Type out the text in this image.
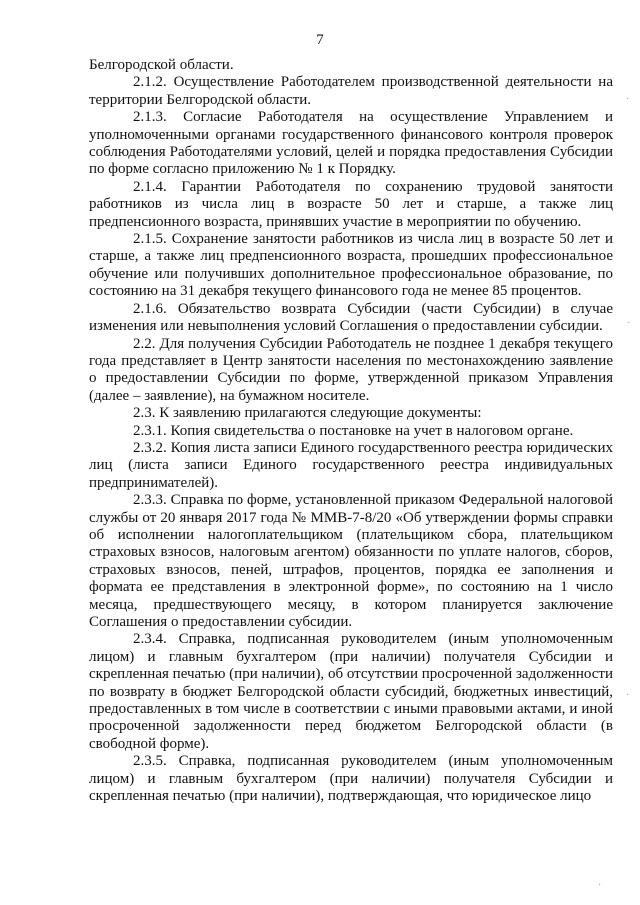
7

Белгородской области.

2.1.2. Осуществление Работодателем производственной деятельности на территории Белгородской области.

2.1.3. Согласие Работодателя на осуществление Управлением и уполномоченными органами государственного финансового контроля проверок соблюдения Работодателями условий, целей и порядка предоставления Субсидии по форме согласно приложению № 1 к Порядку.

2.1.4. Гарантии Работодателя по сохранению трудовой занятости работников из числа лиц в возрасте 50 лет и старше, а также лиц предпенсионного возраста, принявших участие в мероприятии по обучению.

2.1.5. Сохранение занятости работников из числа лиц в возрасте 50 лет и старше, а также лиц предпенсионного возраста, прошедших профессиональное обучение или получивших дополнительное профессиональное образование, по состоянию на 31 декабря текущего финансового года не менее 85 процентов.

2.1.6. Обязательство возврата Субсидии (части Субсидии) в случае изменения или невыполнения условий Соглашения о предоставлении субсидии.

2.2. Для получения Субсидии Работодатель не позднее 1 декабря текущего года представляет в Центр занятости населения по местонахождению заявление о предоставлении Субсидии по форме, утвержденной приказом Управления (далее – заявление), на бумажном носителе.

2.3. К заявлению прилагаются следующие документы:

2.3.1. Копия свидетельства о постановке на учет в налоговом органе.

2.3.2. Копия листа записи Единого государственного реестра юридических лиц (листа записи Единого государственного реестра индивидуальных предпринимателей).

2.3.3. Справка по форме, установленной приказом Федеральной налоговой службы от 20 января 2017 года № ММВ-7-8/20 «Об утверждении формы справки об исполнении налогоплательщиком (плательщиком сбора, плательщиком страховых взносов, налоговым агентом) обязанности по уплате налогов, сборов, страховых взносов, пеней, штрафов, процентов, порядка ее заполнения и формата ее представления в электронной форме», по состоянию на 1 число месяца, предшествующего месяцу, в котором планируется заключение Соглашения о предоставлении субсидии.

2.3.4. Справка, подписанная руководителем (иным уполномоченным лицом) и главным бухгалтером (при наличии) получателя Субсидии и скрепленная печатью (при наличии), об отсутствии просроченной задолженности по возврату в бюджет Белгородской области субсидий, бюджетных инвестиций, предоставленных в том числе в соответствии с иными правовыми актами, и иной просроченной задолженности перед бюджетом Белгородской области (в свободной форме).

2.3.5. Справка, подписанная руководителем (иным уполномоченным лицом) и главным бухгалтером (при наличии) получателя Субсидии и скрепленная печатью (при наличии), подтверждающая, что юридическое лицо

·
·
·
·
